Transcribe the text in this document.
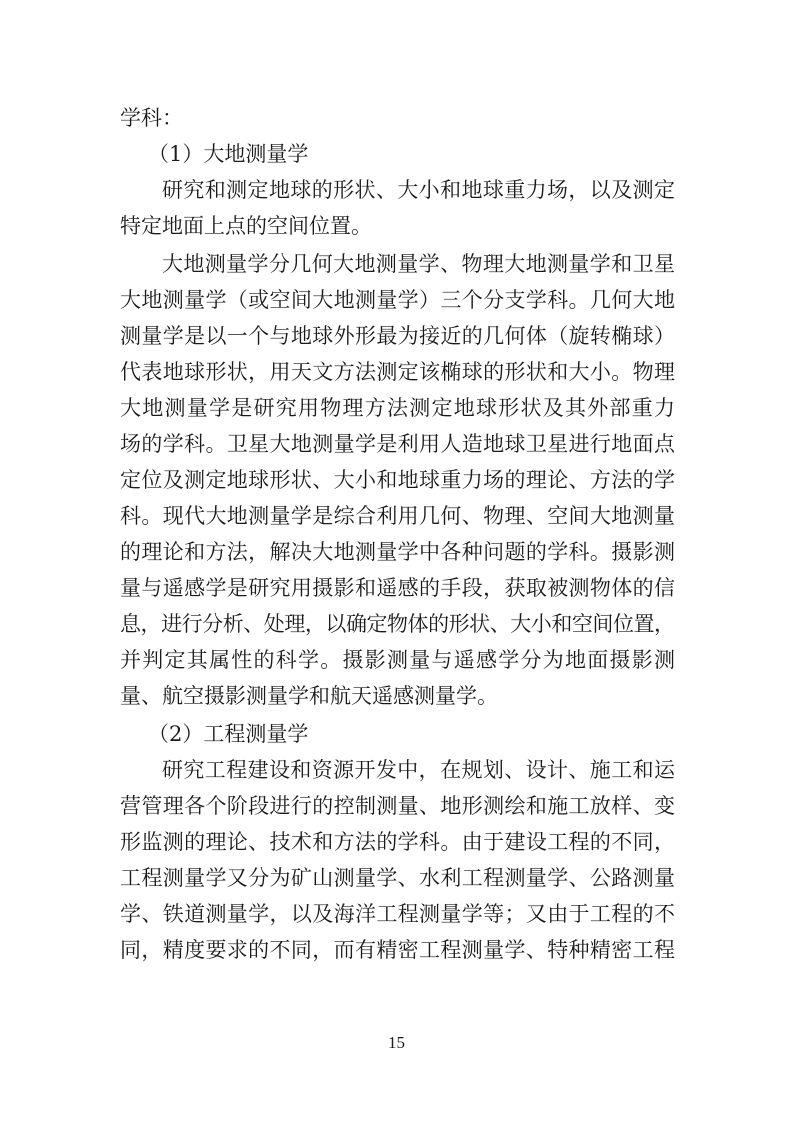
学科：

（1）大地测量学

研究和测定地球的形状、大小和地球重力场，以及测定

特定地面上点的空间位置。

大地测量学分几何大地测量学、物理大地测量学和卫星

大地测量学（或空间大地测量学）三个分支学科。几何大地

测量学是以一个与地球外形最为接近的几何体（旋转椭球）

代表地球形状，用天文方法测定该椭球的形状和大小。物理

大地测量学是研究用物理方法测定地球形状及其外部重力

场的学科。卫星大地测量学是利用人造地球卫星进行地面点

定位及测定地球形状、大小和地球重力场的理论、方法的学

科。现代大地测量学是综合利用几何、物理、空间大地测量

的理论和方法，解决大地测量学中各种问题的学科。摄影测

量与遥感学是研究用摄影和遥感的手段，获取被测物体的信

息，进行分析、处理，以确定物体的形状、大小和空间位置，

并判定其属性的科学。摄影测量与遥感学分为地面摄影测

量、航空摄影测量学和航天遥感测量学。

（2）工程测量学

研究工程建设和资源开发中，在规划、设计、施工和运

营管理各个阶段进行的控制测量、地形测绘和施工放样、变

形监测的理论、技术和方法的学科。由于建设工程的不同，

工程测量学又分为矿山测量学、水利工程测量学、公路测量

学、铁道测量学，以及海洋工程测量学等；又由于工程的不

同，精度要求的不同，而有精密工程测量学、特种精密工程

15
